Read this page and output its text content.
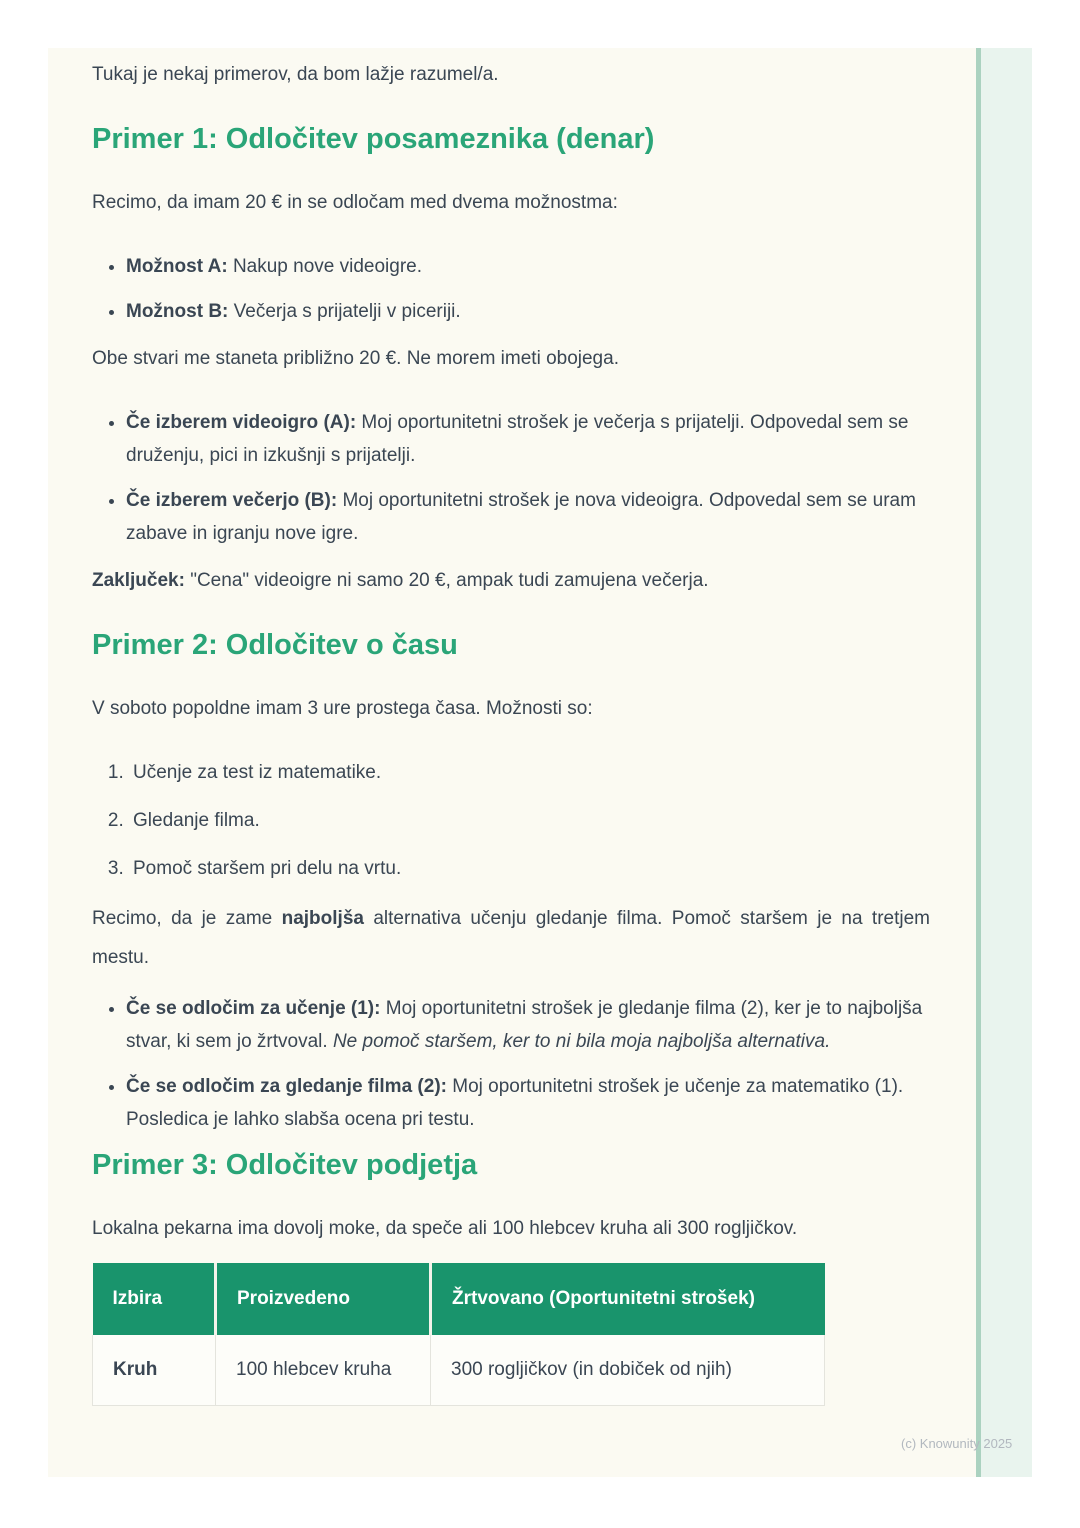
Tukaj je nekaj primerov, da bom lažje razumel/a.

Primer 1: Odločitev posameznika (denar)

Recimo, da imam 20 € in se odločam med dvema možnostma:

• Možnost A: Nakup nove videoigre.
• Možnost B: Večerja s prijatelji v piceriji.

Obe stvari me staneta približno 20 €. Ne morem imeti obojega.

• Če izberem videoigro (A): Moj oportunitetni strošek je večerja s prijatelji. Odpovedal sem se druženju, pici in izkušnji s prijatelji.
• Če izberem večerjo (B): Moj oportunitetni strošek je nova videoigra. Odpovedal sem se uram zabave in igranju nove igre.

Zaključek: "Cena" videoigre ni samo 20 €, ampak tudi zamujena večerja.

Primer 2: Odločitev o času

V soboto popoldne imam 3 ure prostega časa. Možnosti so:

1. Učenje za test iz matematike.
2. Gledanje filma.
3. Pomoč staršem pri delu na vrtu.

Recimo, da je zame najboljša alternativa učenju gledanje filma. Pomoč staršem je na tretjem mestu.

• Če se odločim za učenje (1): Moj oportunitetni strošek je gledanje filma (2), ker je to najboljša stvar, ki sem jo žrtvoval. Ne pomoč staršem, ker to ni bila moja najboljša alternativa.
• Če se odločim za gledanje filma (2): Moj oportunitetni strošek je učenje za matematiko (1). Posledica je lahko slabša ocena pri testu.
Primer 3: Odločitev podjetja

Lokalna pekarna ima dovolj moke, da speče ali 100 hlebcev kruha ali 300 rogljičkov.

Izbira	Proizvedeno	Žrtvovano (Oportunitetni strošek)
Kruh	100 hlebcev kruha	300 rogljičkov (in dobiček od njih)
(c) Knowunity 2025
